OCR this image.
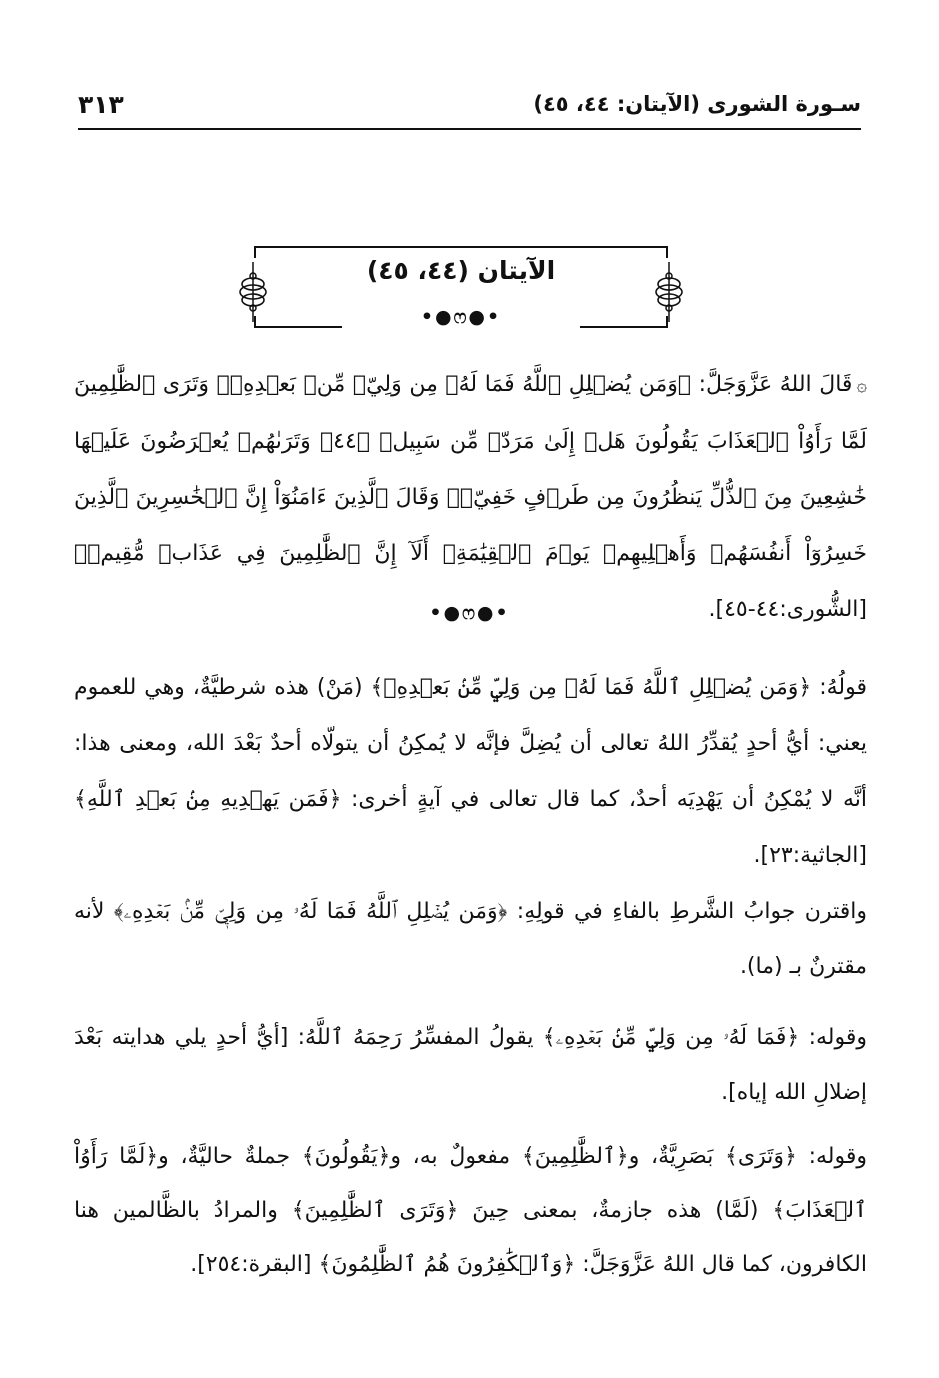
سـورة الشورى (الآيتان: ٤٤، ٤٥)
٣١٣
الآيتان (٤٤، ٤٥)
•●ෆ●•

۞قَالَ اللهُ عَزَّوَجَلَّ: ﴿وَمَن يُضۡلِلِ ٱللَّهُ فَمَا لَهُۥ مِن وَلِيّٖ مِّنۢ بَعۡدِهِۦۗ وَتَرَى ٱلظَّٰلِمِينَ لَمَّا رَأَوُاْ ٱلۡعَذَابَ يَقُولُونَ هَلۡ إِلَىٰ مَرَدّٖ مِّن سَبِيلٖ ﴿٤٤﴾ وَتَرَىٰهُمۡ يُعۡرَضُونَ عَلَيۡهَا خَٰشِعِينَ مِنَ ٱلذُّلِّ يَنظُرُونَ مِن طَرۡفٍ خَفِيّٖۗ وَقَالَ ٱلَّذِينَ ءَامَنُوٓاْ إِنَّ ٱلۡخَٰسِرِينَ ٱلَّذِينَ خَسِرُوٓاْ أَنفُسَهُمۡ وَأَهۡلِيهِمۡ يَوۡمَ ٱلۡقِيَٰمَةِۗ أَلَآ إِنَّ ٱلظَّٰلِمِينَ فِي عَذَابٖ مُّقِيمٖ﴾ [الشُّورى:٤٤-٤٥].

•●ෆ●•

قولُهُ: ﴿وَمَن يُضۡلِلِ ٱللَّهُ فَمَا لَهُۥ مِن وَلِيّٖ مِّنۢ بَعۡدِهِۦ﴾ (مَنْ) هذه شرطيَّةٌ، وهي للعموم يعني: أيُّ أحدٍ يُقدِّرُ اللهُ تعالى أن يُضِلَّ فإنَّه لا يُمكِنُ أن يتولّاه أحدٌ بَعْدَ الله، ومعنى هذا: أنَّه لا يُمْكِنُ أن يَهْدِيَه أحدٌ، كما قال تعالى في آيةٍ أخرى: ﴿فَمَن يَهۡدِيهِ مِنۢ بَعۡدِ ٱللَّهِ﴾ [الجاثية:٢٣].

واقترن جوابُ الشَّرطِ بالفاءِ في قولِهِ: ﴿وَمَن يُضۡلِلِ ٱللَّهُ فَمَا لَهُۥ مِن وَلِيّٖ مِّنۢ بَعۡدِهِۦ﴾ لأنه مقترنٌ بـ (ما).

وقوله: ﴿فَمَا لَهُۥ مِن وَلِيّٖ مِّنۢ بَعۡدِهِۦ﴾ يقولُ المفسِّرُ رَحِمَهُ ٱللَّهُ: [أيُّ أحدٍ يلي هدايته بَعْدَ إضلالِ الله إياه].

وقوله: ﴿وَتَرَى﴾ بَصَرِيَّةٌ، و﴿ٱلظَّٰلِمِينَ﴾ مفعولٌ به، و﴿يَقُولُونَ﴾ جملةٌ حاليَّةٌ، و﴿لَمَّا رَأَوُاْ ٱلۡعَذَابَ﴾ (لَمَّا) هذه جازمةٌ، بمعنى حِينَ ﴿وَتَرَى ٱلظَّٰلِمِينَ﴾ والمرادُ بالظَّالمين هنا الكافرون، كما قال اللهُ عَزَّوَجَلَّ: ﴿وَٱلۡكَٰفِرُونَ هُمُ ٱلظَّٰلِمُونَ﴾ [البقرة:٢٥٤].
